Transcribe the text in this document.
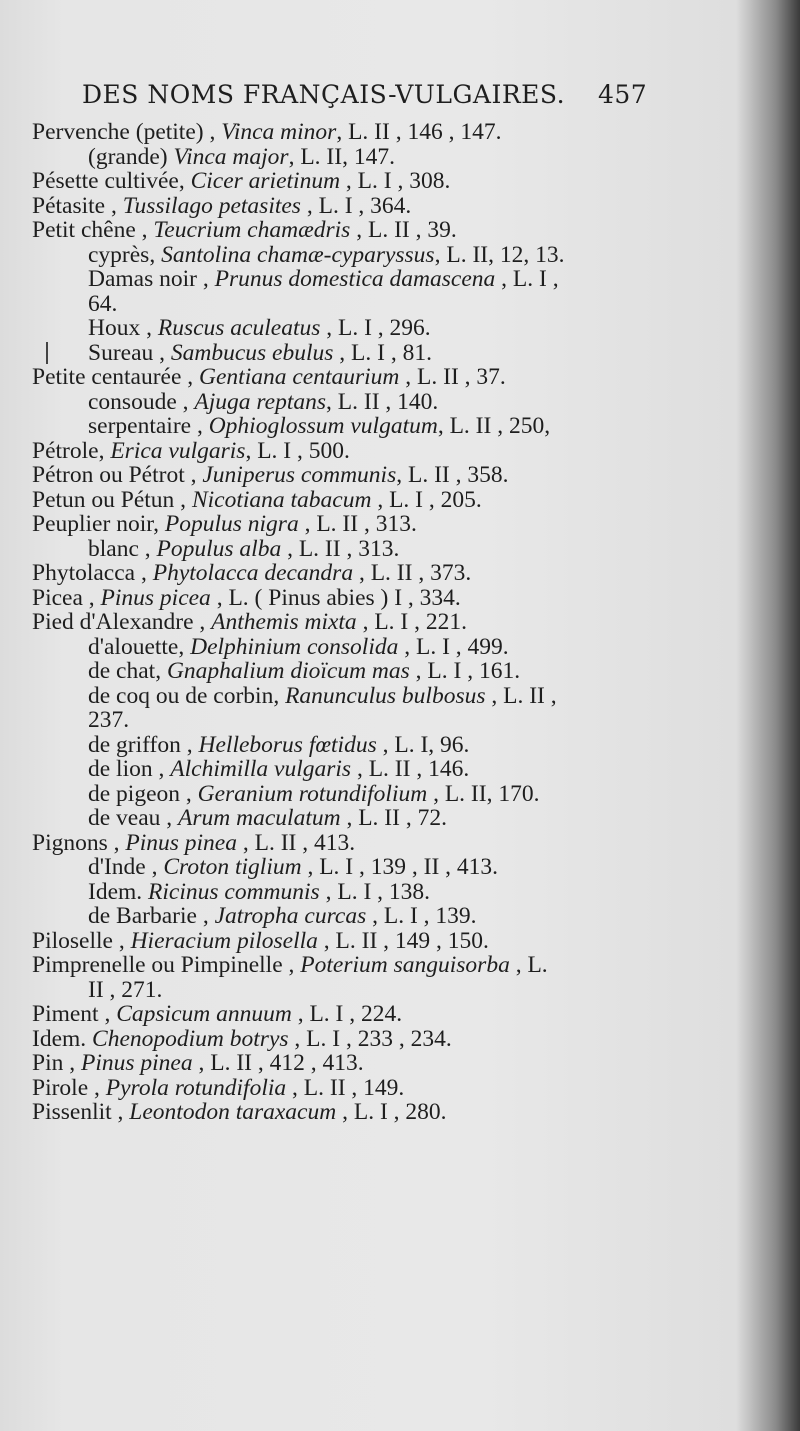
DES NOMS FRANÇAIS-VULGAIRES. 457
Pervenche (petite) , Vinca minor, L. II , 146 , 147.
(grande) Vinca major, L. II, 147.
Pésette cultivée, Cicer arietinum , L. I , 308.
Pétasite , Tussilago petasites , L. I , 364.
Petit chêne , Teucrium chamædris , L. II , 39.
cyprès, Santolina chamæ-cyparyssus, L. II, 12, 13.
Damas noir , Prunus domestica damascena , L. I ,
64.
Houx , Ruscus aculeatus , L. I , 296.
Sureau , Sambucus ebulus , L. I , 81.
Petite centaurée , Gentiana centaurium , L. II , 37.
consoude , Ajuga reptans, L. II , 140.
serpentaire , Ophioglossum vulgatum, L. II , 250,
Pétrole, Erica vulgaris, L. I , 500.
Pétron ou Pétrot , Juniperus communis, L. II , 358.
Petun ou Pétun , Nicotiana tabacum , L. I , 205.
Peuplier noir, Populus nigra , L. II , 313.
blanc , Populus alba , L. II , 313.
Phytolacca , Phytolacca decandra , L. II , 373.
Picea , Pinus picea , L. ( Pinus abies ) I , 334.
Pied d'Alexandre , Anthemis mixta , L. I , 221.
d'alouette, Delphinium consolida , L. I , 499.
de chat, Gnaphalium dioïcum mas , L. I , 161.
de coq ou de corbin, Ranunculus bulbosus , L. II ,
237.
de griffon , Helleborus fœtidus , L. I, 96.
de lion , Alchimilla vulgaris , L. II , 146.
de pigeon , Geranium rotundifolium , L. II, 170.
de veau , Arum maculatum , L. II , 72.
Pignons , Pinus pinea , L. II , 413.
d'Inde , Croton tiglium , L. I , 139 , II , 413.
Idem. Ricinus communis , L. I , 138.
de Barbarie , Jatropha curcas , L. I , 139.
Piloselle , Hieracium pilosella , L. II , 149 , 150.
Pimprenelle ou Pimpinelle , Poterium sanguisorba , L.
II , 271.
Piment , Capsicum annuum , L. I , 224.
Idem. Chenopodium botrys , L. I , 233 , 234.
Pin , Pinus pinea , L. II , 412 , 413.
Pirole , Pyrola rotundifolia , L. II , 149.
Pissenlit , Leontodon taraxacum , L. I , 280.
